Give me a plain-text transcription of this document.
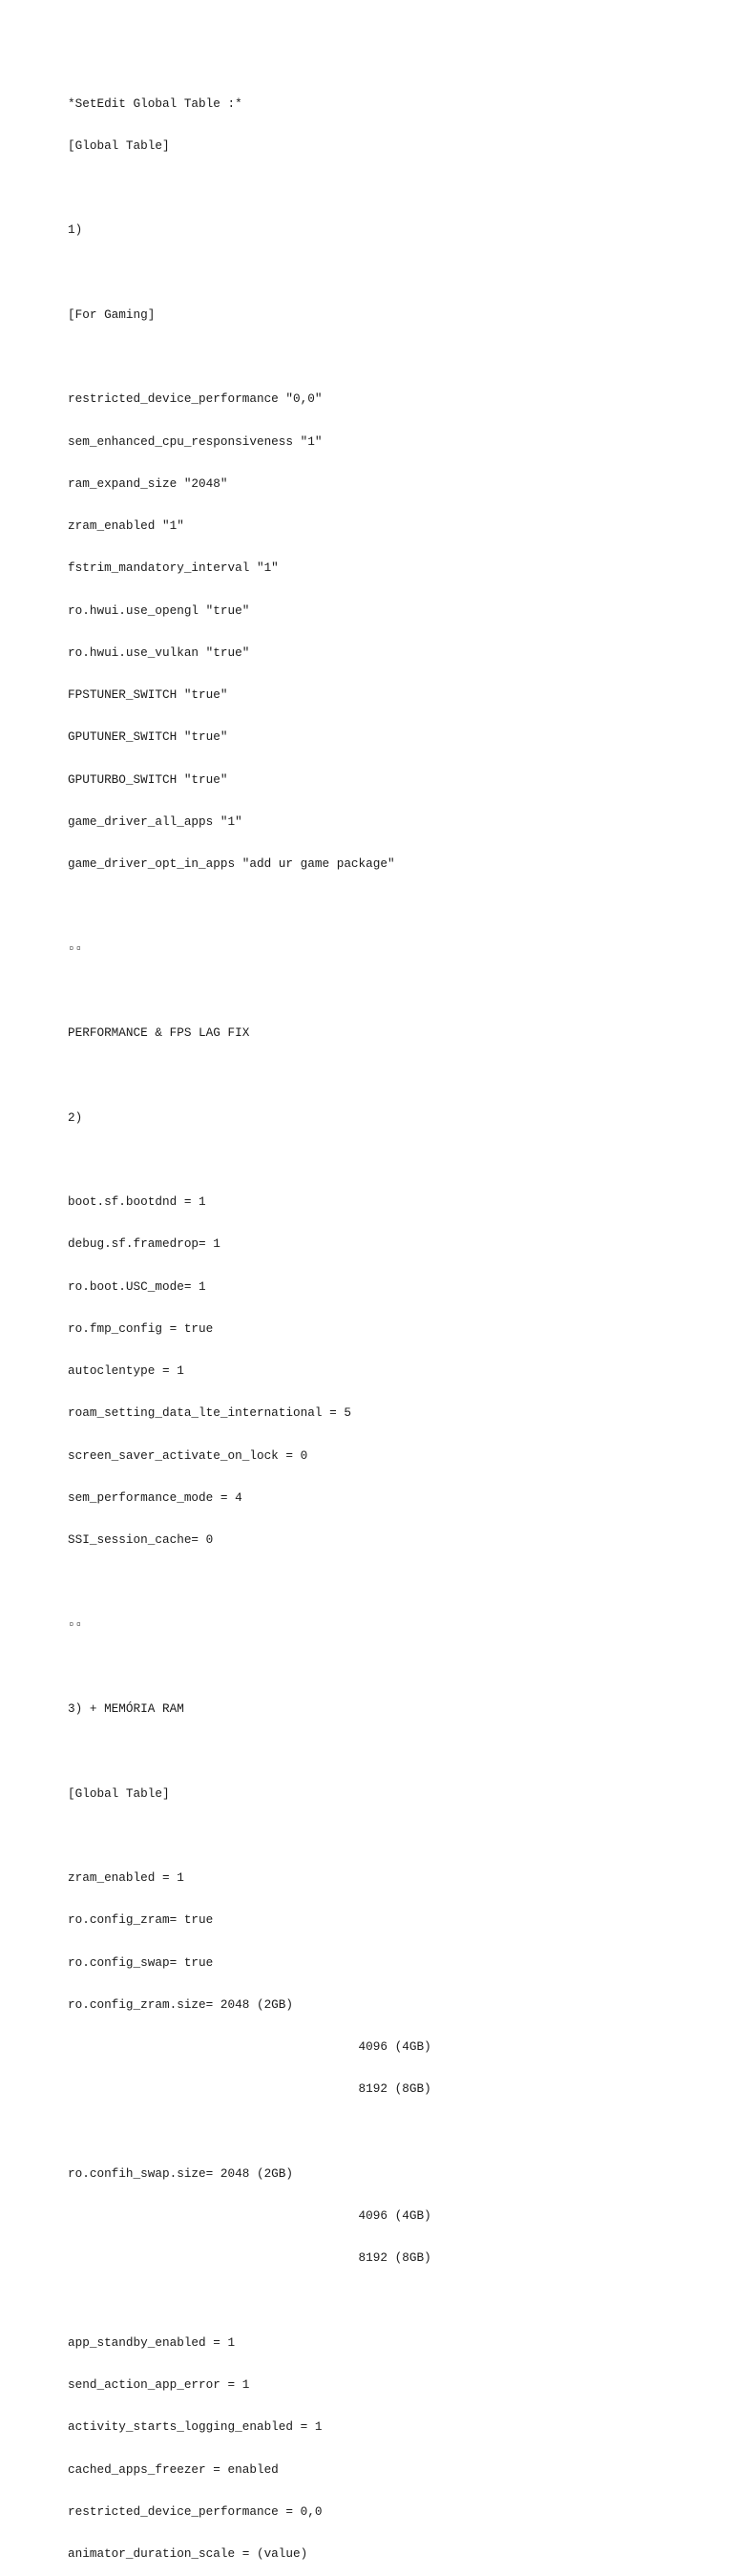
*SetEdit Global Table :*

[Global Table]

1)

[For Gaming]

restricted_device_performance "0,0"

sem_enhanced_cpu_responsiveness "1"

ram_expand_size "2048"

zram_enabled "1"

fstrim_mandatory_interval "1"

ro.hwui.use_opengl "true"

ro.hwui.use_vulkan "true"

FPSTUNER_SWITCH "true"

GPUTUNER_SWITCH "true"

GPUTURBO_SWITCH "true"

game_driver_all_apps "1"

game_driver_opt_in_apps "add ur game package"

▫▫

PERFORMANCE & FPS LAG FIX

2)

boot.sf.bootdnd = 1

debug.sf.framedrop= 1

ro.boot.USC_mode= 1

ro.fmp_config = true

autoclentype = 1

roam_setting_data_lte_international = 5

screen_saver_activate_on_lock = 0

sem_performance_mode = 4

SSI_session_cache= 0

▫▫

3) + MEMÓRIA RAM

[Global Table]

zram_enabled = 1

ro.config_zram= true

ro.config_swap= true

ro.config_zram.size= 2048 (2GB)

4096 (4GB)

8192 (8GB)

ro.confih_swap.size= 2048 (2GB)

4096 (4GB)

8192 (8GB)

app_standby_enabled = 1

send_action_app_error = 1

activity_starts_logging_enabled = 1

cached_apps_freezer = enabled

restricted_device_performance = 0,0

animator_duration_scale = (value)
